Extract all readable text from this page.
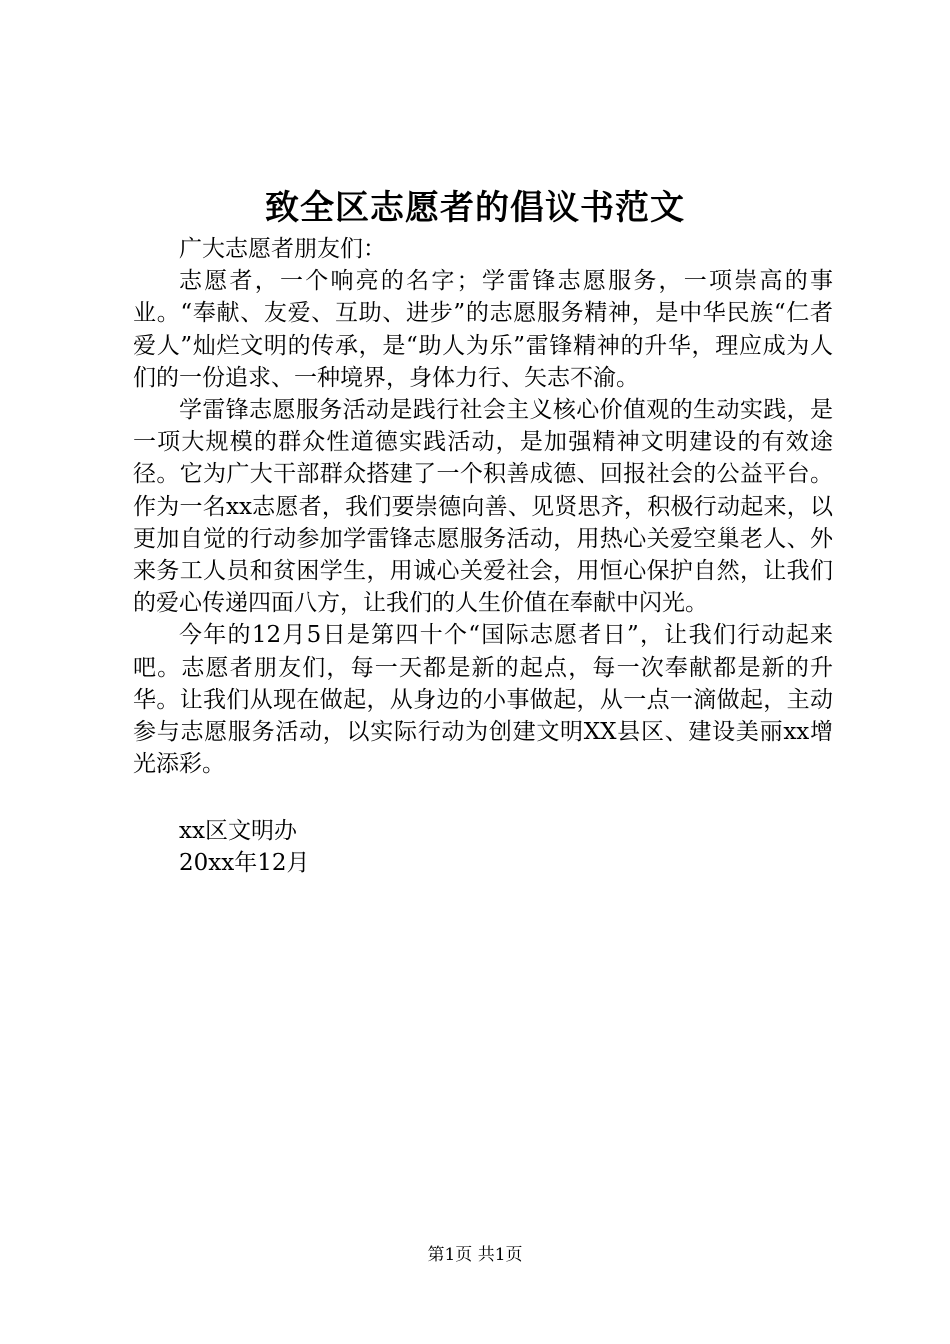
致全区志愿者的倡议书范文

广大志愿者朋友们：

志愿者，一个响亮的名字；学雷锋志愿服务，一项崇高的事业。“奉献、友爱、互助、进步”的志愿服务精神，是中华民族“仁者爱人”灿烂文明的传承，是“助人为乐”雷锋精神的升华，理应成为人们的一份追求、一种境界，身体力行、矢志不渝。

学雷锋志愿服务活动是践行社会主义核心价值观的生动实践，是一项大规模的群众性道德实践活动，是加强精神文明建设的有效途径。它为广大干部群众搭建了一个积善成德、回报社会的公益平台。作为一名xx志愿者，我们要崇德向善、见贤思齐，积极行动起来，以更加自觉的行动参加学雷锋志愿服务活动，用热心关爱空巢老人、外来务工人员和贫困学生，用诚心关爱社会，用恒心保护自然，让我们的爱心传递四面八方，让我们的人生价值在奉献中闪光。

今年的12月5日是第四十个“国际志愿者日”，让我们行动起来吧。志愿者朋友们，每一天都是新的起点，每一次奉献都是新的升华。让我们从现在做起，从身边的小事做起，从一点一滴做起，主动参与志愿服务活动，以实际行动为创建文明XX县区、建设美丽xx增光添彩。

xx区文明办
20xx年12月
第1页 共1页
